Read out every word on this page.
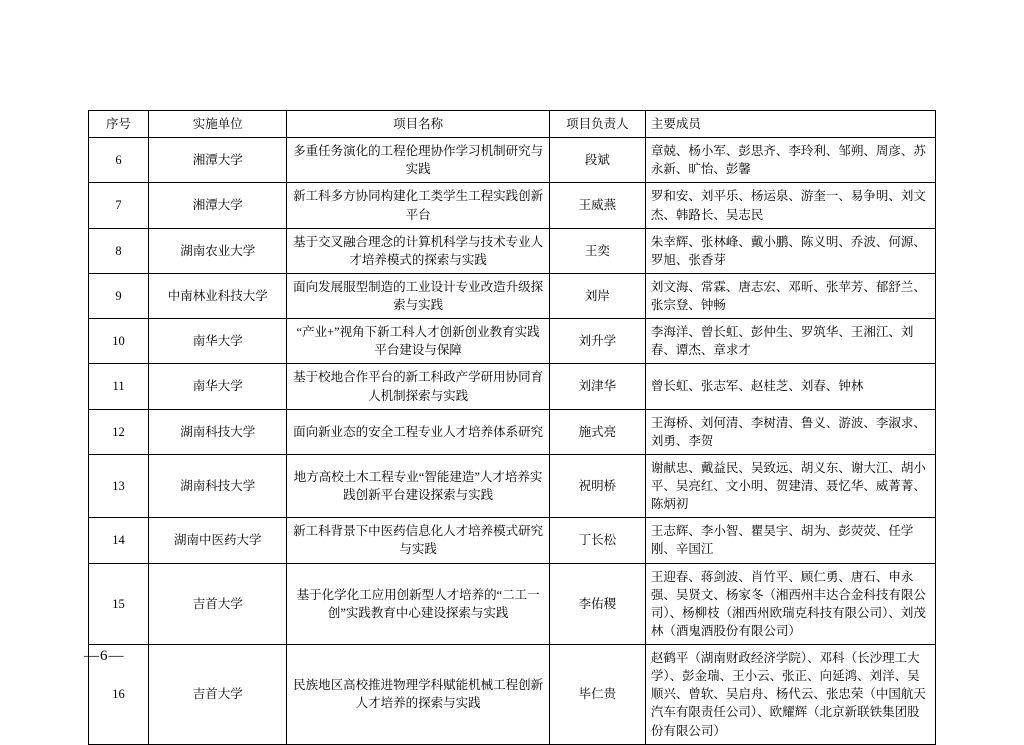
序号	实施单位	项目名称	项目负责人	主要成员
6	湘潭大学	多重任务演化的工程伦理协作学习机制研究与实践	段斌	章兢、杨小军、彭思齐、李玲利、邹朔、周彦、苏永新、旷怡、彭馨
7	湘潭大学	新工科多方协同构建化工类学生工程实践创新平台	王威燕	罗和安、刘平乐、杨运泉、游奎一、易争明、刘文杰、韩路长、吴志民
8	湖南农业大学	基于交叉融合理念的计算机科学与技术专业人才培养模式的探索与实践	王奕	朱幸辉、张林峰、戴小鹏、陈义明、乔波、何源、罗旭、张香芽
9	中南林业科技大学	面向发展服型制造的工业设计专业改造升级探索与实践	刘岸	刘文海、常霖、唐志宏、邓昕、张苹芳、郁舒兰、张宗登、钟畅
10	南华大学	“产业+”视角下新工科人才创新创业教育实践平台建设与保障	刘升学	李海洋、曾长虹、彭仲生、罗筑华、王湘江、刘春、谭杰、章求才
11	南华大学	基于校地合作平台的新工科政产学研用协同育人机制探索与实践	刘津华	曾长虹、张志军、赵桂芝、刘春、钟林
12	湖南科技大学	面向新业态的安全工程专业人才培养体系研究	施式亮	王海桥、刘何清、李树清、鲁义、游波、李淑求、刘勇、李贺
13	湖南科技大学	地方高校土木工程专业“智能建造”人才培养实践创新平台建设探索与实践	祝明桥	谢献忠、戴益民、吴致远、胡义东、谢大江、胡小平、吴亮红、文小明、贺建清、聂忆华、威菁菁、陈炳初
14	湖南中医药大学	新工科背景下中医药信息化人才培养模式研究与实践	丁长松	王志辉、李小智、瞿昊宇、胡为、彭荧荧、任学刚、辛国江
15	吉首大学	基于化学化工应用创新型人才培养的“二工一创”实践教育中心建设探索与实践	李佑稷	王迎春、蒋剑波、肖竹平、顾仁勇、唐石、申永强、吴贤文、杨家冬（湘西州丰达合金科技有限公司）、杨柳枝（湘西州欧瑞克科技有限公司）、刘茂林（酒鬼酒股份有限公司）
16	吉首大学	民族地区高校推进物理学科赋能机械工程创新人才培养的探索与实践	毕仁贵	赵鹤平（湖南财政经济学院）、邓科（长沙理工大学）、彭金瑞、王小云、张正、向延鸿、刘洋、吴顺兴、曾软、吴启舟、杨代云、张忠荣（中国航天汽车有限责任公司）、欧耀辉（北京新联铁集团股份有限公司）
—6—
